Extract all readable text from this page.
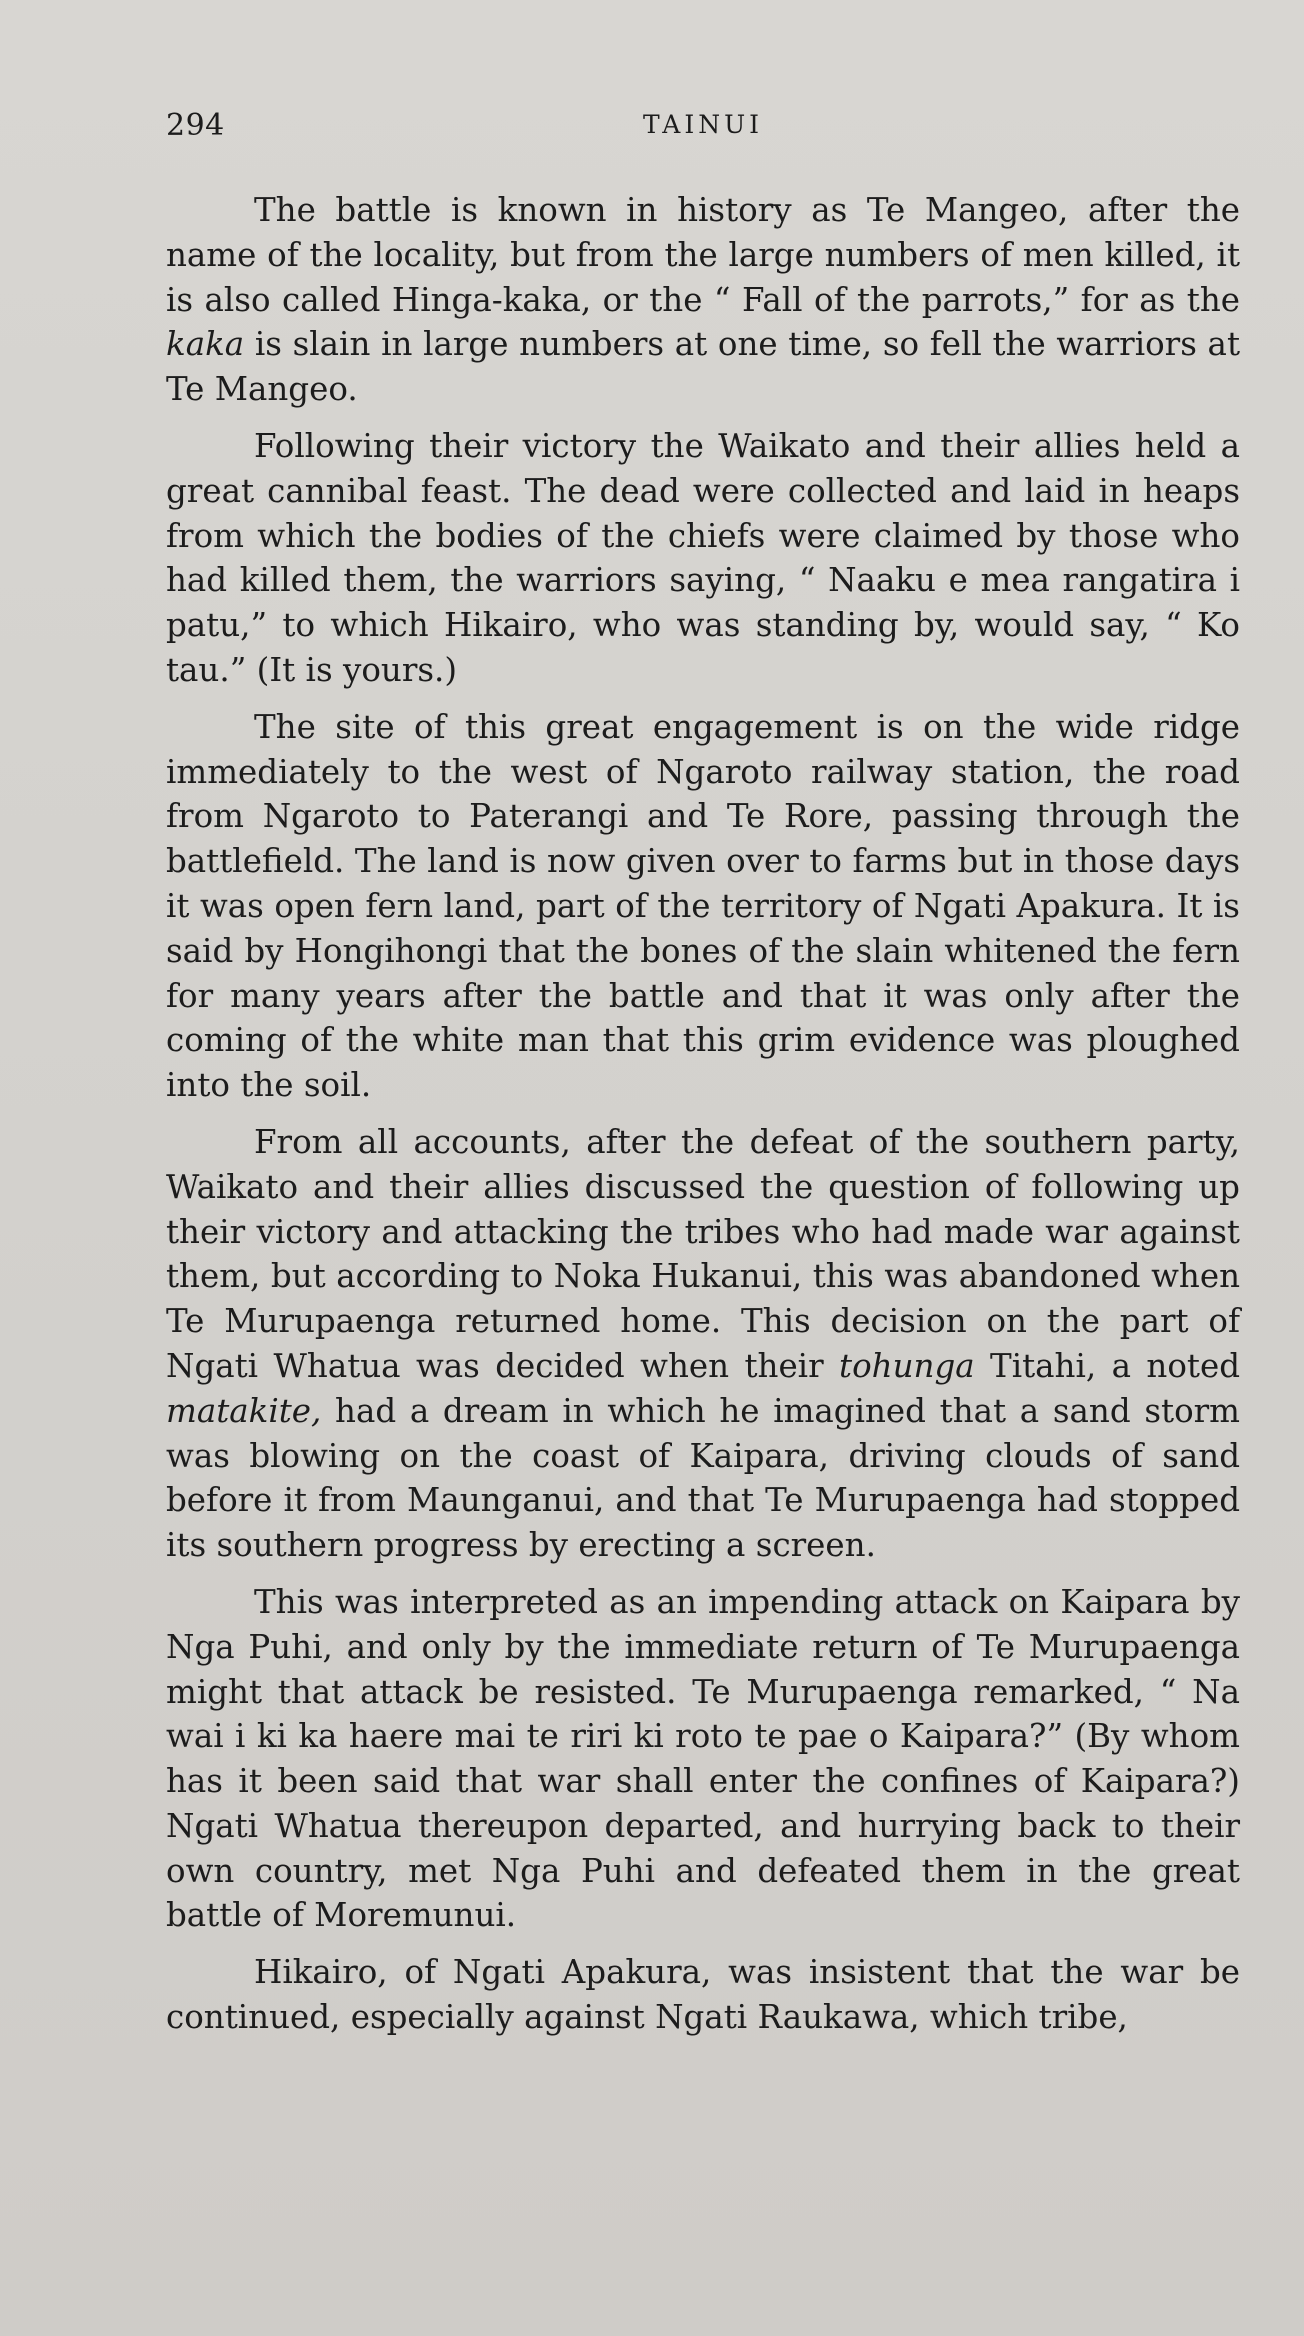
294	TAINUI

The battle is known in history as Te Mangeo, after the name of the locality, but from the large numbers of men killed, it is also called Hinga-kaka, or the “ Fall of the parrots,” for as the kaka is slain in large numbers at one time, so fell the warriors at Te Mangeo.

Following their victory the Waikato and their allies held a great cannibal feast. The dead were collected and laid in heaps from which the bodies of the chiefs were claimed by those who had killed them, the warriors saying, “ Naaku e mea rangatira i patu,” to which Hikairo, who was standing by, would say, “ Ko tau.” (It is yours.)

The site of this great engagement is on the wide ridge immediately to the west of Ngaroto railway station, the road from Ngaroto to Paterangi and Te Rore, passing through the battlefield. The land is now given over to farms but in those days it was open fern land, part of the territory of Ngati Apakura. It is said by Hongihongi that the bones of the slain whitened the fern for many years after the battle and that it was only after the coming of the white man that this grim evidence was ploughed into the soil.

From all accounts, after the defeat of the southern party, Waikato and their allies discussed the question of following up their victory and attacking the tribes who had made war against them, but according to Noka Hukanui, this was abandoned when Te Murupaenga returned home. This decision on the part of Ngati Whatua was decided when their tohunga Titahi, a noted matakite, had a dream in which he imagined that a sand storm was blowing on the coast of Kaipara, driving clouds of sand before it from Maunganui, and that Te Murupaenga had stopped its southern progress by erecting a screen.

This was interpreted as an impending attack on Kaipara by Nga Puhi, and only by the immediate return of Te Murupaenga might that attack be resisted. Te Murupaenga remarked, “ Na wai i ki ka haere mai te riri ki roto te pae o Kaipara?” (By whom has it been said that war shall enter the confines of Kaipara?) Ngati Whatua thereupon departed, and hurrying back to their own country, met Nga Puhi and defeated them in the great battle of Moremunui.

Hikairo, of Ngati Apakura, was insistent that the war be continued, especially against Ngati Raukawa, which tribe,
